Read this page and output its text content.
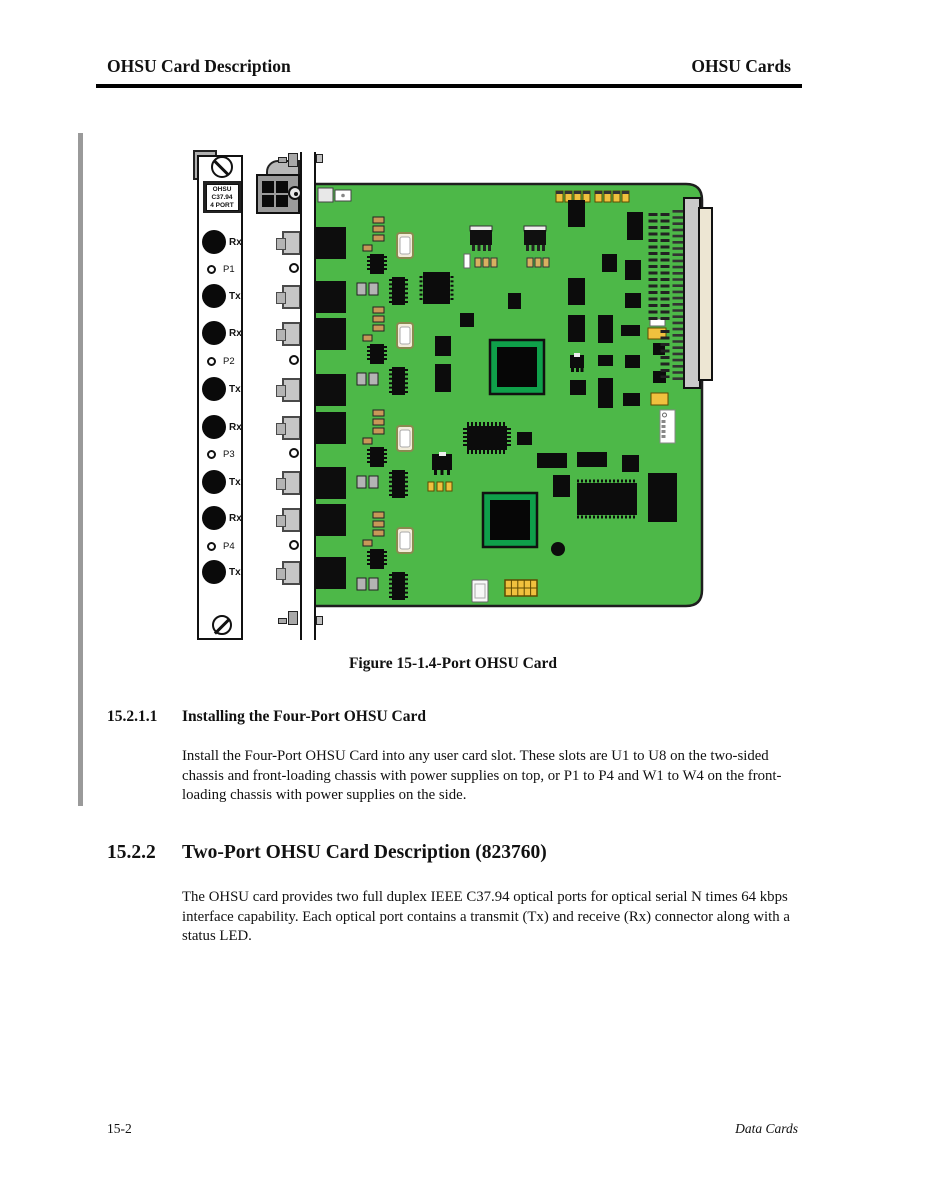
OHSU Card Description	OHSU Cards
OHSU
C37.94
4 PORT
Rx
P1
Tx
Rx
P2
Tx
Rx
P3
Tx
Rx
P4
Tx
Figure 15-1.4-Port OHSU Card
15.2.1.1 Installing the Four-Port OHSU Card
Install the Four-Port OHSU Card into any user card slot. These slots are U1 to U8 on the two-sided chassis and front-loading chassis with power supplies on top, or P1 to P4 and W1 to W4 on the front-loading chassis with power supplies on the side.
15.2.2 Two-Port OHSU Card Description (823760)
The OHSU card provides two full duplex IEEE C37.94 optical ports for optical serial N times 64 kbps interface capability. Each optical port contains a transmit (Tx) and receive (Rx) connector along with a status LED.
15-2	Data Cards
